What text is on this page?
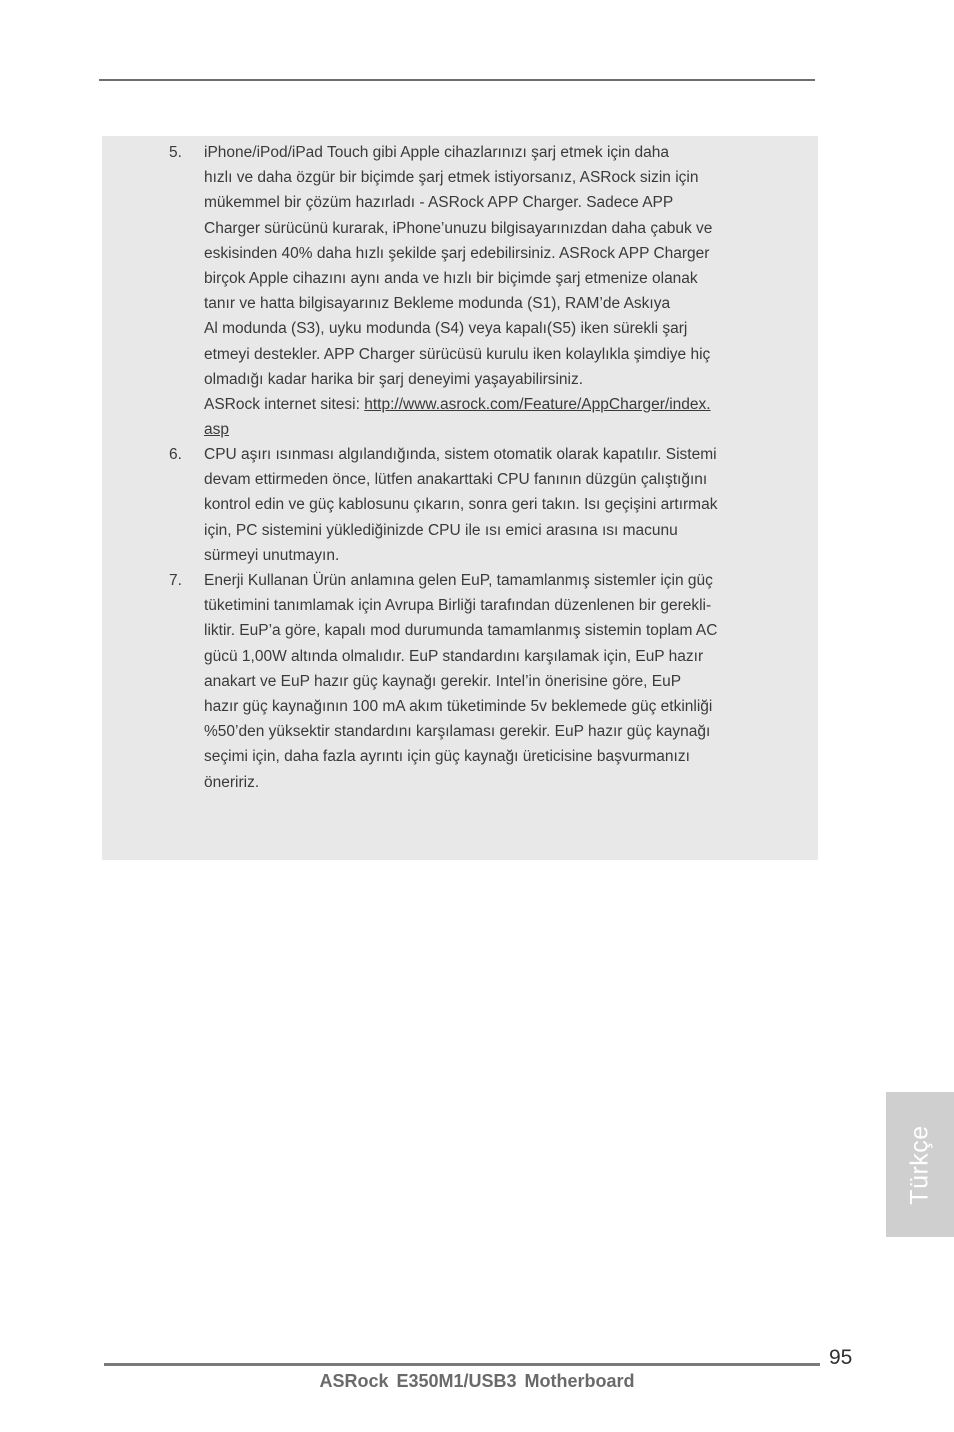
5. iPhone/iPod/iPad Touch gibi Apple cihazlarınızı şarj etmek için daha
hızlı ve daha özgür bir biçimde şarj etmek istiyorsanız, ASRock sizin için
mükemmel bir çözüm hazırladı - ASRock APP Charger. Sadece APP
Charger sürücünü kurarak, iPhone’unuzu bilgisayarınızdan daha çabuk ve
eskisinden 40% daha hızlı şekilde şarj edebilirsiniz. ASRock APP Charger
birçok Apple cihazını aynı anda ve hızlı bir biçimde şarj etmenize olanak
tanır ve hatta bilgisayarınız Bekleme modunda (S1), RAM’de Askıya
Al modunda (S3), uyku modunda (S4) veya kapalı(S5) iken sürekli şarj
etmeyi destekler. APP Charger sürücüsü kurulu iken kolaylıkla şimdiye hiç
olmadığı kadar harika bir şarj deneyimi yaşayabilirsiniz.
ASRock internet sitesi: http://www.asrock.com/Feature/AppCharger/index.
asp
6. CPU aşırı ısınması algılandığında, sistem otomatik olarak kapatılır. Sistemi
devam ettirmeden önce, lütfen anakarttaki CPU fanının düzgün çalıştığını
kontrol edin ve güç kablosunu çıkarın, sonra geri takın. Isı geçişini artırmak
için, PC sistemini yüklediğinizde CPU ile ısı emici arasına ısı macunu
sürmeyi unutmayın.
7. Enerji Kullanan Ürün anlamına gelen EuP, tamamlanmış sistemler için güç
tüketimini tanımlamak için Avrupa Birliği tarafından düzenlenen bir gerekli-
liktir. EuP’a göre, kapalı mod durumunda tamamlanmış sistemin toplam AC
gücü 1,00W altında olmalıdır. EuP standardını karşılamak için, EuP hazır
anakart ve EuP hazır güç kaynağı gerekir. Intel’in önerisine göre, EuP
hazır güç kaynağının 100 mA akım tüketiminde 5v beklemede güç etkinliği
%50’den yüksektir standardını karşılaması gerekir. EuP hazır güç kaynağı
seçimi için, daha fazla ayrıntı için güç kaynağı üreticisine başvurmanızı
öneririz.
Türkçe
95
ASRock E350M1/USB3 Motherboard
